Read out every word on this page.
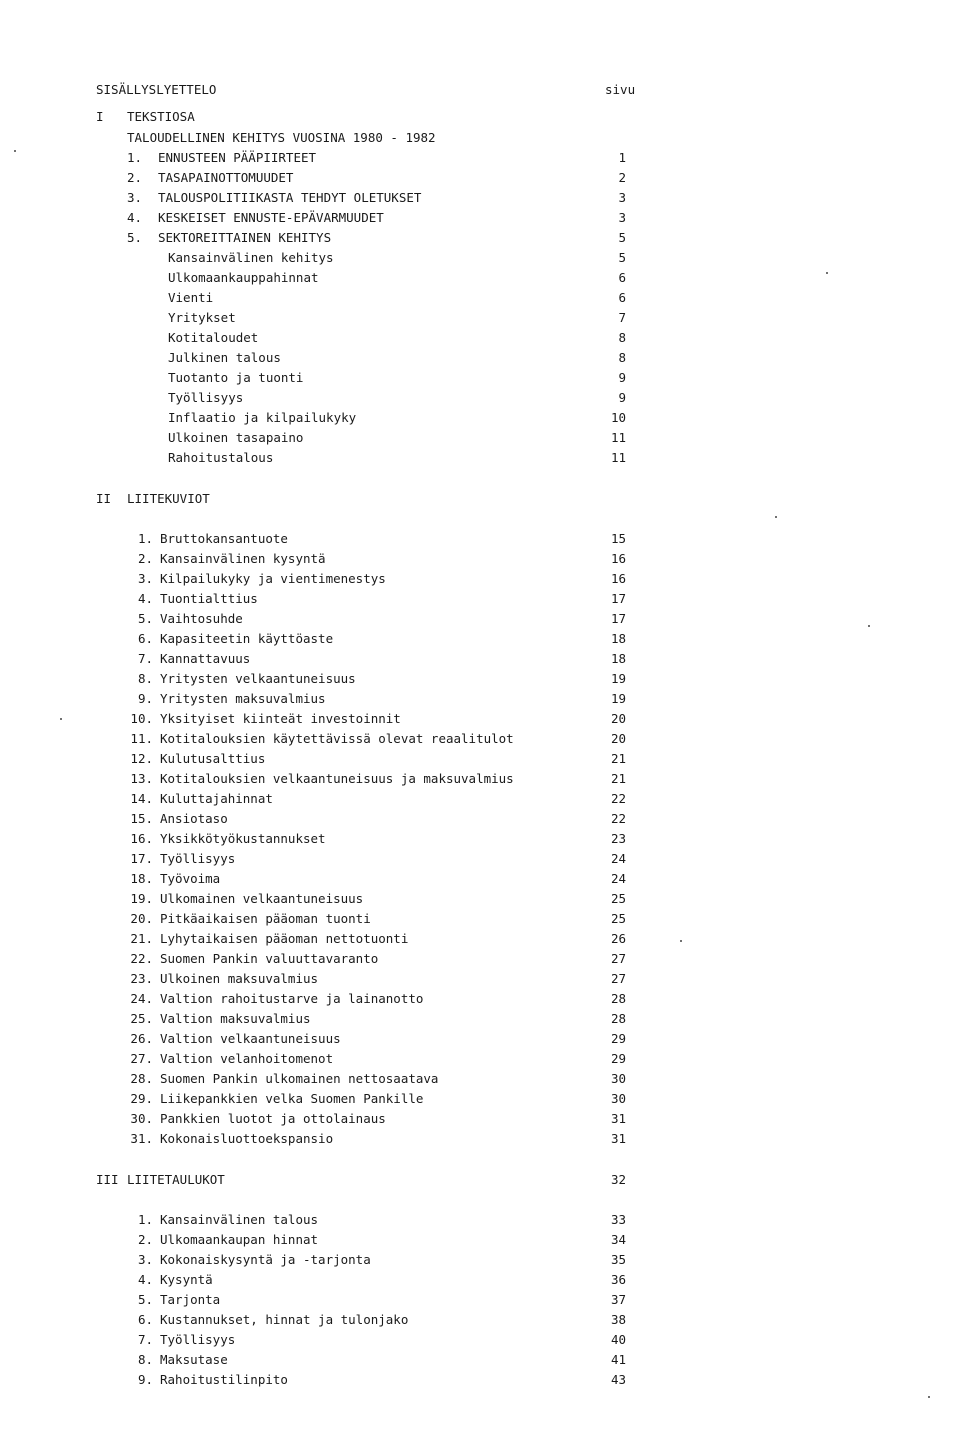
SISÄLLYSLYETTELO	sivu
I TEKSTIOSA
TALOUDELLINEN KEHITYS VUOSINA 1980 - 1982
1. ENNUSTEEN PÄÄPIIRTEET	1
2. TASAPAINOTTOMUUDET	2
3. TALOUSPOLITIIKASTA TEHDYT OLETUKSET	3
4. KESKEISET ENNUSTE-EPÄVARMUUDET	3
5. SEKTOREITTAINEN KEHITYS	5
Kansainvälinen kehitys	5
Ulkomaankauppahinnat	6
Vienti	6
Yritykset	7
Kotitaloudet	8
Julkinen talous	8
Tuotanto ja tuonti	9
Työllisyys	9
Inflaatio ja kilpailukyky	10
Ulkoinen tasapaino	11
Rahoitustalous	11
II LIITEKUVIOT
1. Bruttokansantuote	15
2. Kansainvälinen kysyntä	16
3. Kilpailukyky ja vientimenestys	16
4. Tuontialttius	17
5. Vaihtosuhde	17
6. Kapasiteetin käyttöaste	18
7. Kannattavuus	18
8. Yritysten velkaantuneisuus	19
9. Yritysten maksuvalmius	19
10. Yksityiset kiinteät investoinnit	20
11. Kotitalouksien käytettävissä olevat reaalitulot	20
12. Kulutusalttius	21
13. Kotitalouksien velkaantuneisuus ja maksuvalmius	21
14. Kuluttajahinnat	22
15. Ansiotaso	22
16. Yksikkötyökustannukset	23
17. Työllisyys	24
18. Työvoima	24
19. Ulkomainen velkaantuneisuus	25
20. Pitkäaikaisen pääoman tuonti	25
21. Lyhytaikaisen pääoman nettotuonti	26
22. Suomen Pankin valuuttavaranto	27
23. Ulkoinen maksuvalmius	27
24. Valtion rahoitustarve ja lainanotto	28
25. Valtion maksuvalmius	28
26. Valtion velkaantuneisuus	29
27. Valtion velanhoitomenot	29
28. Suomen Pankin ulkomainen nettosaatava	30
29. Liikepankkien velka Suomen Pankille	30
30. Pankkien luotot ja ottolainaus	31
31. Kokonaisluottoekspansio	31
III LIITETAULUKOT	32
1. Kansainvälinen talous	33
2. Ulkomaankaupan hinnat	34
3. Kokonaiskysyntä ja -tarjonta	35
4. Kysyntä	36
5. Tarjonta	37
6. Kustannukset, hinnat ja tulonjako	38
7. Työllisyys	40
8. Maksutase	41
9. Rahoitustilinpito	43
